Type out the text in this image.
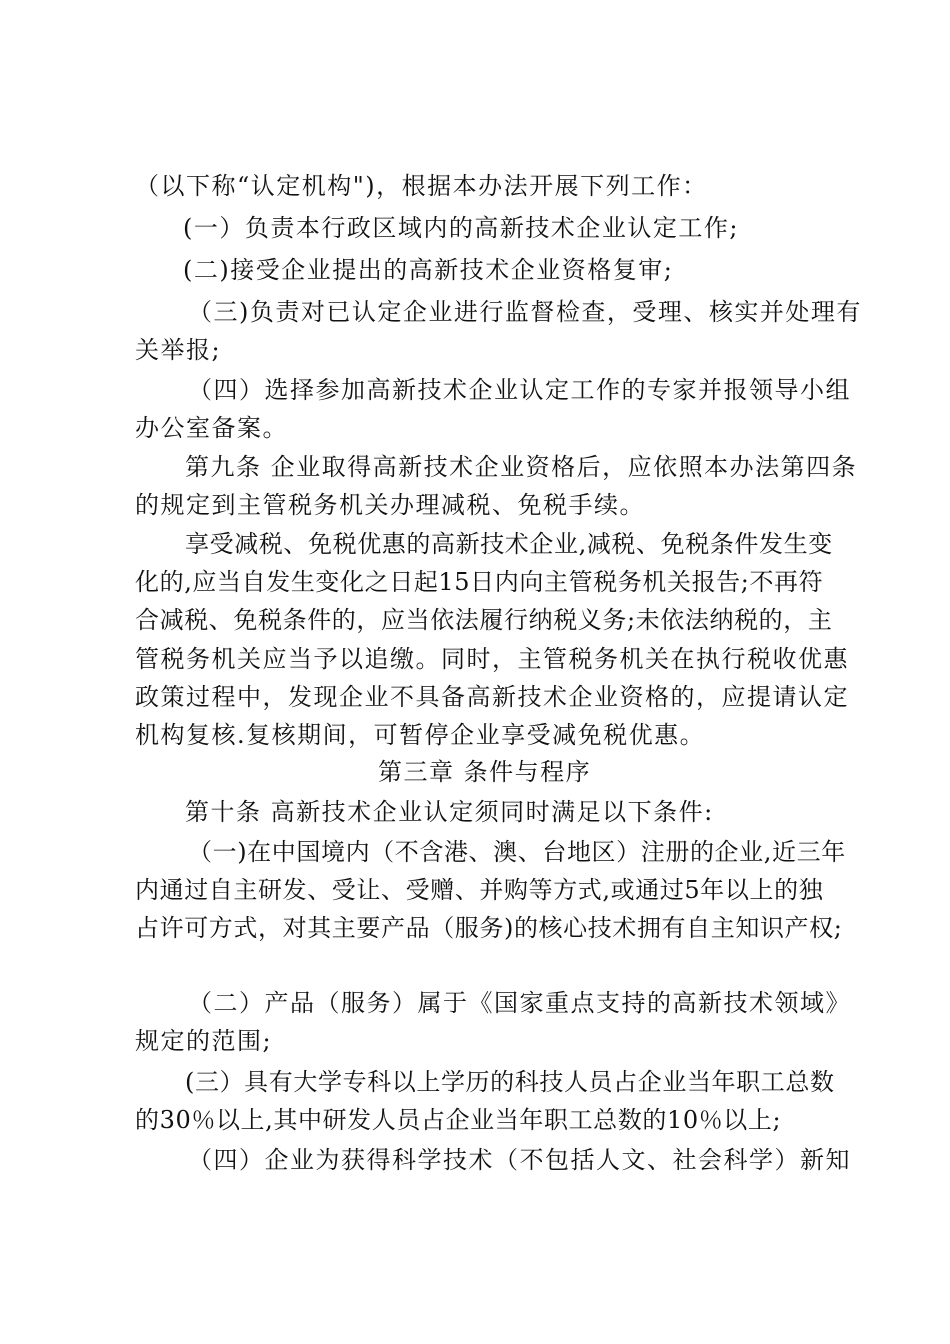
（以下称“认定机构")，根据本办法开展下列工作：
(一）负责本行政区域内的高新技术企业认定工作;
(二)接受企业提出的高新技术企业资格复审;
（三)负责对已认定企业进行监督检查，受理、核实并处理有
关举报;
（四）选择参加高新技术企业认定工作的专家并报领导小组
办公室备案。
第九条 企业取得高新技术企业资格后，应依照本办法第四条
的规定到主管税务机关办理减税、免税手续。
享受减税、免税优惠的高新技术企业,减税、免税条件发生变
化的,应当自发生变化之日起15日内向主管税务机关报告;不再符
合减税、免税条件的，应当依法履行纳税义务;未依法纳税的，主
管税务机关应当予以追缴。同时，主管税务机关在执行税收优惠
政策过程中，发现企业不具备高新技术企业资格的，应提请认定
机构复核.复核期间，可暂停企业享受减免税优惠。
第三章 条件与程序
第十条 高新技术企业认定须同时满足以下条件:
（一)在中国境内（不含港、澳、台地区）注册的企业,近三年
内通过自主研发、受让、受赠、并购等方式,或通过5年以上的独
占许可方式，对其主要产品（服务)的核心技术拥有自主知识产权;
（二）产品（服务）属于《国家重点支持的高新技术领域》
规定的范围;
(三）具有大学专科以上学历的科技人员占企业当年职工总数
的30％以上,其中研发人员占企业当年职工总数的10％以上;
（四）企业为获得科学技术（不包括人文、社会科学）新知
